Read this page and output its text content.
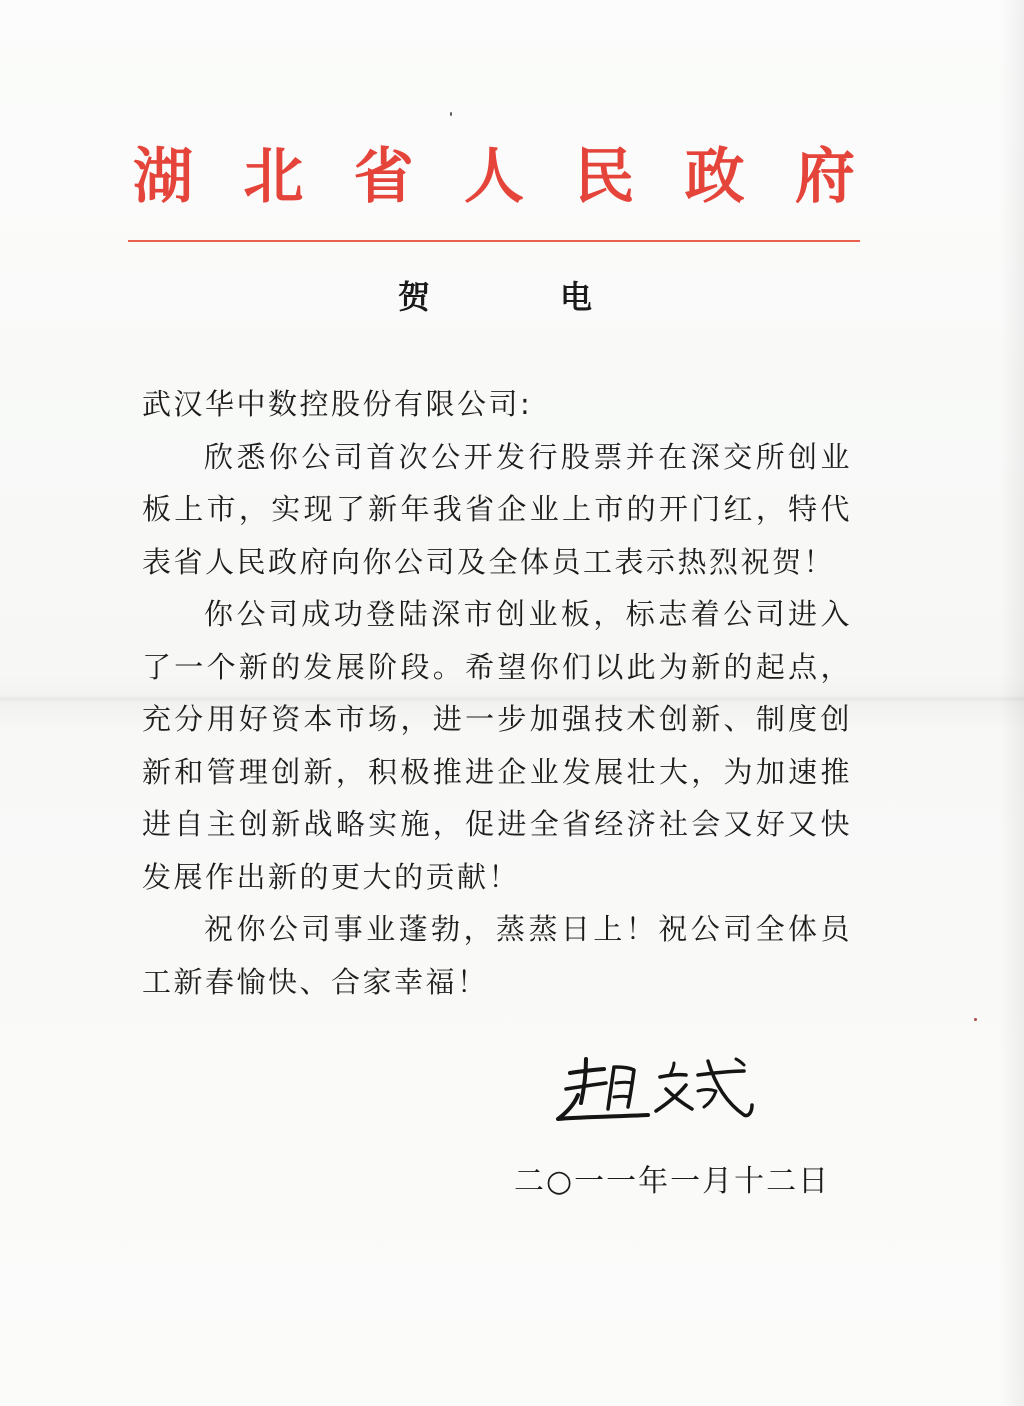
湖 北 省 人 民 政 府
贺	电

武汉华中数控股份有限公司:

欣悉你公司首次公开发行股票并在深交所创业板上市，实现了新年我省企业上市的开门红，特代表省人民政府向你公司及全体员工表示热烈祝贺！

你公司成功登陆深市创业板，标志着公司进入了一个新的发展阶段。希望你们以此为新的起点，充分用好资本市场，进一步加强技术创新、制度创新和管理创新，积极推进企业发展壮大，为加速推进自主创新战略实施，促进全省经济社会又好又快发展作出新的更大的贡献！

祝你公司事业蓬勃，蒸蒸日上！祝公司全体员工新春愉快、合家幸福！

二○一一年一月十二日
